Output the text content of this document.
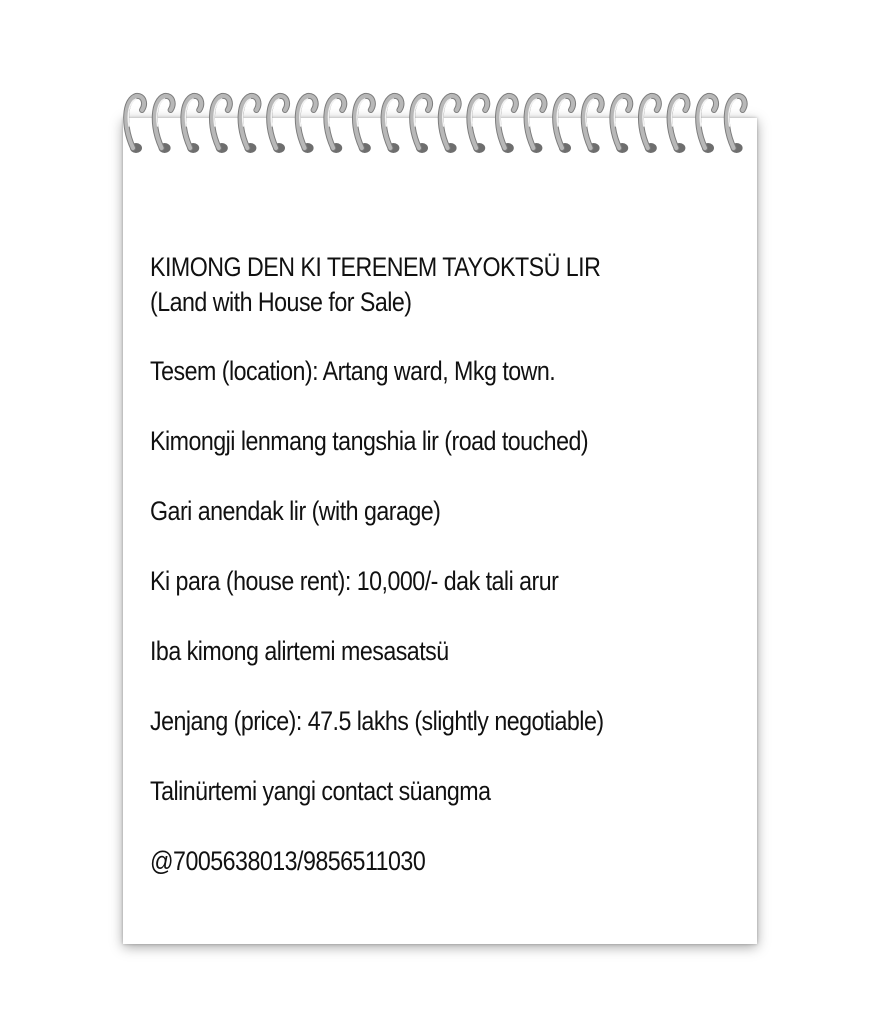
KIMONG DEN KI TERENEM TAYOKTSÜ LIR
(Land with House for Sale)
Tesem (location): Artang ward, Mkg town.
Kimongji lenmang tangshia lir (road touched)
Gari anendak lir (with garage)
Ki para (house rent): 10,000/- dak tali arur
Iba kimong alirtemi mesasatsü
Jenjang (price): 47.5 lakhs (slightly negotiable)
Talinürtemi yangi contact süangma
@7005638013/9856511030
